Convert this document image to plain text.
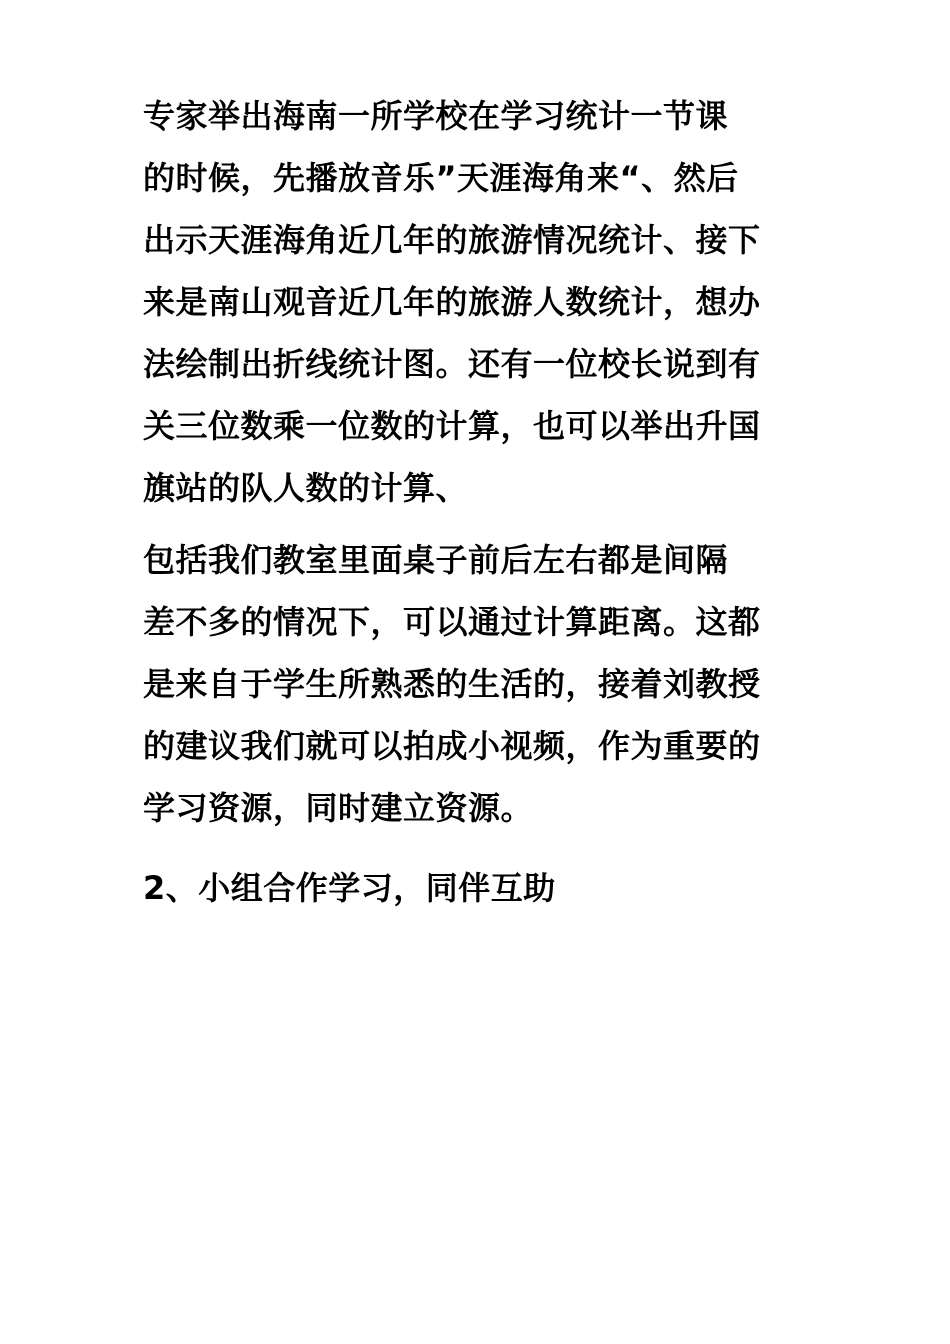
专家举出海南一所学校在学习统计一节课
的时候，先播放音乐”天涯海角来“、然后
出示天涯海角近几年的旅游情况统计、接下
来是南山观音近几年的旅游人数统计，想办
法绘制出折线统计图。还有一位校长说到有
关三位数乘一位数的计算，也可以举出升国
旗站的队人数的计算、
包括我们教室里面桌子前后左右都是间隔
差不多的情况下，可以通过计算距离。这都
是来自于学生所熟悉的生活的，接着刘教授
的建议我们就可以拍成小视频，作为重要的
学习资源，同时建立资源。
2、小组合作学习，同伴互助
